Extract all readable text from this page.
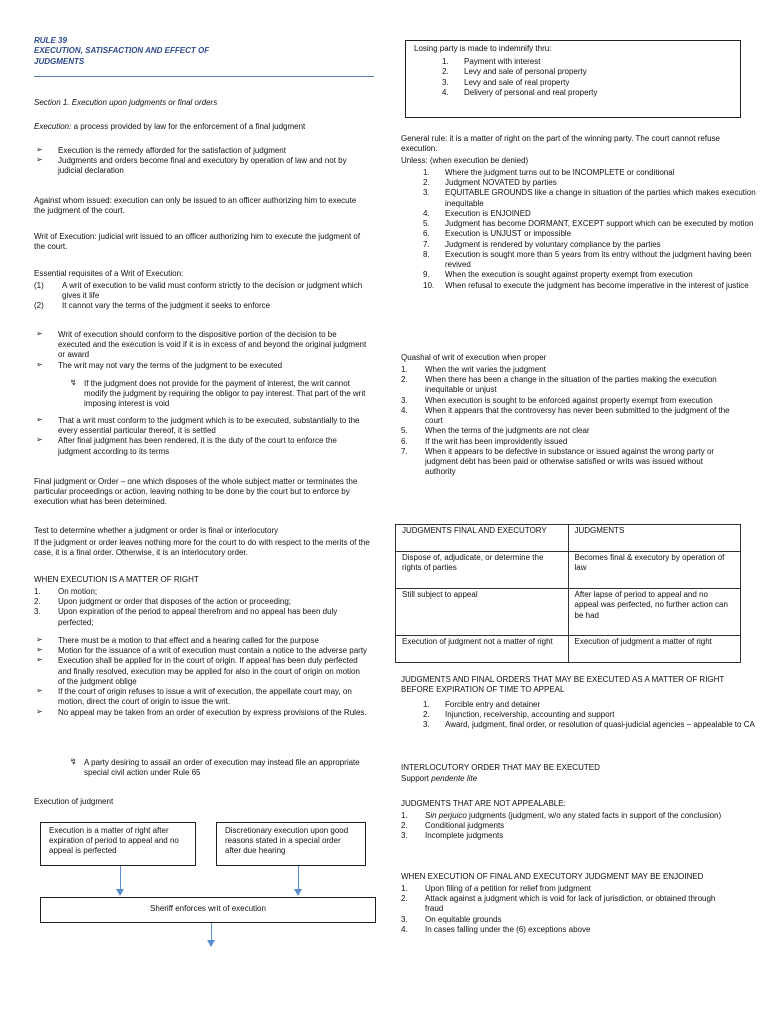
RULE 39

EXECUTION, SATISFACTION AND EFFECT OF

JUDGMENTS

Section 1. Execution upon judgments or final orders

Execution: a process provided by law for the enforcement of a final judgment

➢ Execution is the remedy afforded for the satisfaction of judgment
➢ Judgments and orders become final and executory by operation of law and not by judicial declaration

Against whom issued: execution can only be issued to an officer authorizing him to execute the judgment of the court.

Writ of Execution: judicial writ issued to an officer authorizing him to execute the judgment of the court.

Essential requisites of a Writ of Execution:

(1) A writ of execution to be valid must conform strictly to the decision or judgment which gives it life
(2) It cannot vary the terms of the judgment it seeks to enforce
➢ Writ of execution should conform to the dispositive portion of the decision to be executed and the execution is void if it is in excess of and beyond the original judgment or award
➢ The writ may not vary the terms of the judgment to be executed
↯ If the judgment does not provide for the payment of interest, the writ cannot modify the judgment by requiring the obligor to pay interest. That part of the writ imposing interest is void
➢ That a writ must conform to the judgment which is to be executed, substantially to the every essential particular thereof, it is settled
➢ After final judgment has been rendered, it is the duty of the court to enforce the judgment according to its terms

Final judgment or Order – one which disposes of the whole subject matter or terminates the particular proceedings or action, leaving nothing to be done by the court but to enforce by execution what has been determined.

Test to determine whether a judgment or order is final or interlocutory

If the judgment or order leaves nothing more for the court to do with respect to the merits of the case, it is a final order. Otherwise, it is an interlocutory order.

WHEN EXECUTION IS A MATTER OF RIGHT

1. On motion;
2. Upon judgment or order that disposes of the action or proceeding;
3. Upon expiration of the period to appeal therefrom and no appeal has been duly perfected;
➢ There must be a motion to that effect and a hearing called for the purpose
➢ Motion for the issuance of a writ of execution must contain a notice to the adverse party
➢ Execution shall be applied for in the court of origin. If appeal has been duly perfected and finally resolved, execution may be applied for also in the court of origin on motion of the judgment oblige
➢ If the court of origin refuses to issue a writ of execution, the appellate court may, on motion, direct the court of origin to issue the writ.
➢ No appeal may be taken from an order of execution by express provisions of the Rules.
↯ A party desiring to assail an order of execution may instead file an appropriate special civil action under Rule 65

Execution of judgment

Execution is a matter of right after expiration of period to appeal and no appeal is perfected

Discretionary execution upon good reasons stated in a special order after due hearing

Sheriff enforces writ of execution

Losing party is made to indemnify thru:

1. Payment with interest
2. Levy and sale of personal property
3. Levy and sale of real property
4. Delivery of personal and real property

General rule: it is a matter of right on the part of the winning party. The court cannot refuse execution.

Unless: (when execution be denied)

1. Where the judgment turns out to be INCOMPLETE or conditional
2. Judgment NOVATED by parties
3. EQUITABLE GROUNDS like a change in situation of the parties which makes execution inequitable
4. Execution is ENJOINED
5. Judgment has become DORMANT, EXCEPT support which can be executed by motion
6. Execution is UNJUST or impossible
7. Judgment is rendered by voluntary compliance by the parties
8. Execution is sought more than 5 years from its entry without the judgment having been revived
9. When the execution is sought against property exempt from execution
10. When refusal to execute the judgment has become imperative in the interest of justice

Quashal of writ of execution when proper

1. When the writ varies the judgment
2. When there has been a change in the situation of the parties making the execution inequitable or unjust
3. When execution is sought to be enforced against property exempt from execution
4. When it appears that the controversy has never been submitted to the judgment of the court
5. When the terms of the judgments are not clear
6. If the writ has been improvidently issued
7. When it appears to be defective in substance or issued against the wrong party or judgment debt has been paid or otherwise satisfied or writs was issued without authority
JUDGMENTS FINAL AND EXECUTORY	JUDGMENTS
Dispose of, adjudicate, or determine the rights of parties	Becomes final & executory by operation of law
Still subject to appeal	After lapse of period to appeal and no appeal was perfected, no further action can be had
Execution of judgment not a matter of right	Execution of judgment a matter of right

JUDGMENTS AND FINAL ORDERS THAT MAY BE EXECUTED AS A MATTER OF RIGHT BEFORE EXPIRATION OF TIME TO APPEAL

1. Forcible entry and detainer
2. Injunction, receivership, accounting and support
3. Award, judgment, final order, or resolution of quasi-judicial agencies – appealable to CA

INTERLOCUTORY ORDER THAT MAY BE EXECUTED

Support pendente lite

JUDGMENTS THAT ARE NOT APPEALABLE:

1. Sin perjuico judgments (judgment, w/o any stated facts in support of the conclusion)
2. Conditional judgments
3. Incomplete judgments

WHEN EXECUTION OF FINAL AND EXECUTORY JUDGMENT MAY BE ENJOINED

1. Upon filing of a petition for relief from judgment
2. Attack against a judgment which is void for lack of jurisdiction, or obtained through fraud
3. On equitable grounds
4. In cases falling under the (6) exceptions above
